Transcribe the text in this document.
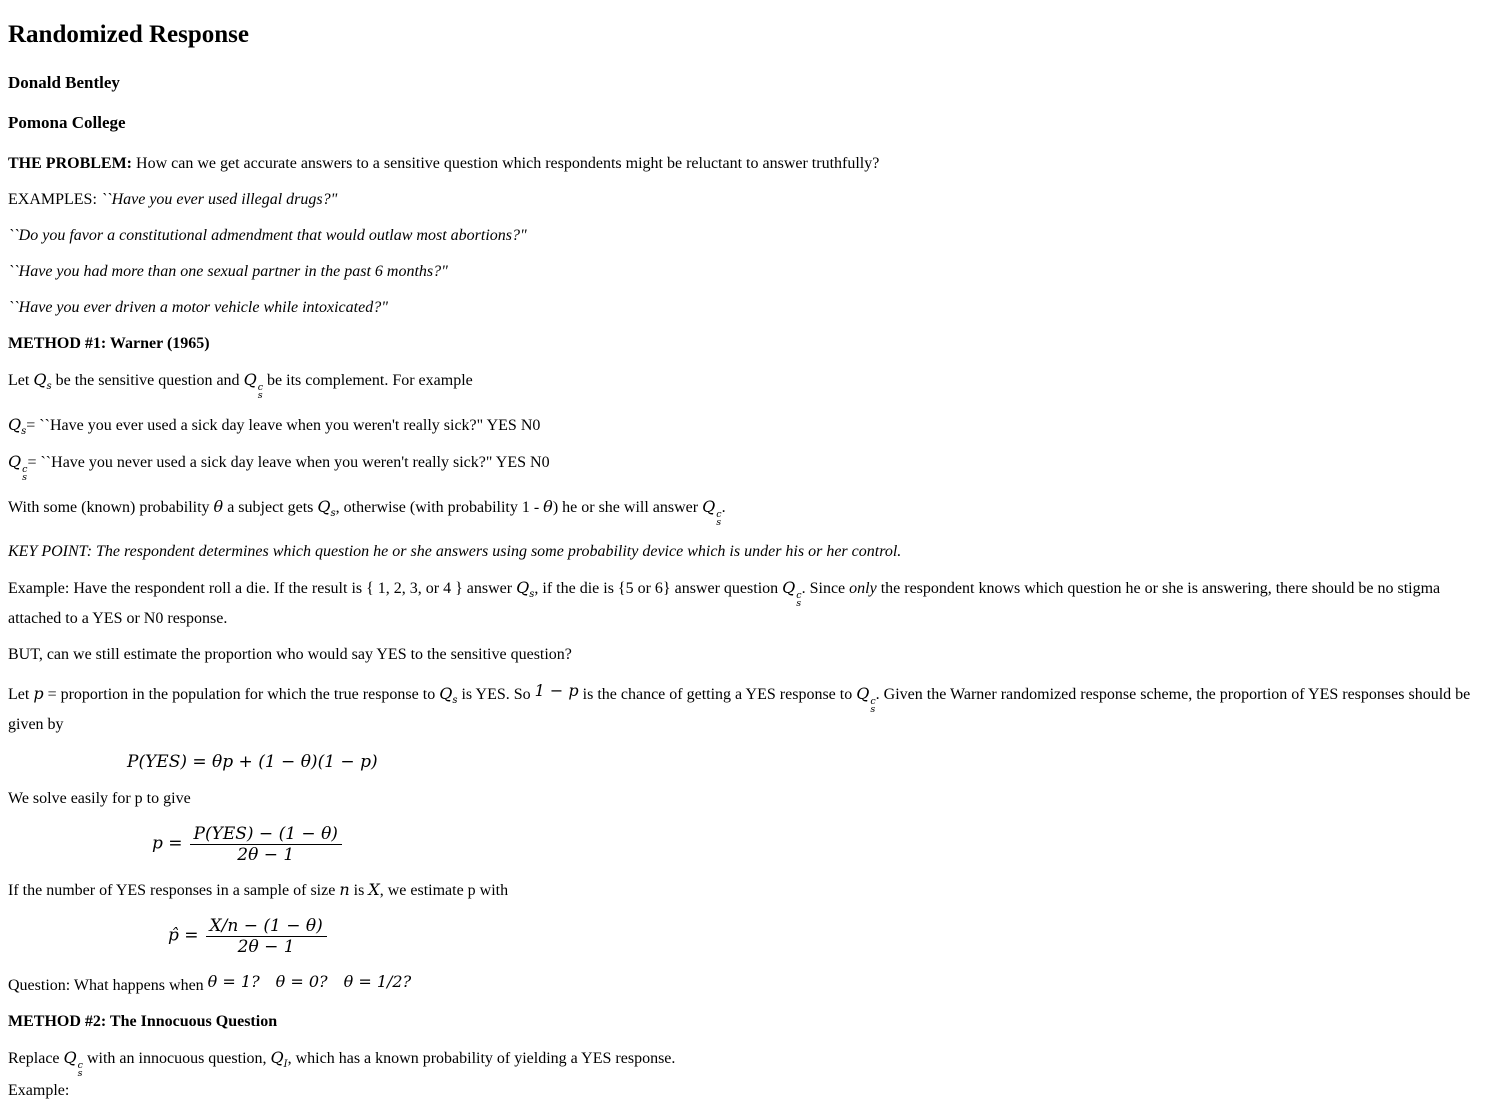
Randomized Response

Donald Bentley

Pomona College

THE PROBLEM: How can we get accurate answers to a sensitive question which respondents might be reluctant to answer truthfully?

EXAMPLES: ``Have you ever used illegal drugs?"

``Do you favor a constitutional admendment that would outlaw most abortions?"

``Have you had more than one sexual partner in the past 6 months?"

``Have you ever driven a motor vehicle while intoxicated?"

METHOD #1: Warner (1965)

Let $Q_s$ be the sensitive question and Q c
s
be its complement. For example

$Q_s=$ ``Have you ever used a sick day leave when you weren't really sick?" YES N0

Q c
s
= ``Have you never used a sick day leave when you weren't really sick?" YES N0

With some (known) probability θ a subject gets $Q_s$, otherwise (with probability 1 - θ) he or she will answer Q c
s
.

KEY POINT: The respondent determines which question he or she answers using some probability device which is under his or her control.

Example: Have the respondent roll a die. If the result is { 1, 2, 3, or 4 } answer $Q_s$, if the die is {5 or 6} answer question Q c
s
. Since only the respondent knows which question he or she is answering, there should be no stigma attached to a YES or N0 response.

BUT, can we still estimate the proportion who would say YES to the sensitive question?

Let p = proportion in the population for which the true response to $Q_s$ is YES. So 1 − p is the chance of getting a YES response to Q c
s
. Given the Warner randomized response scheme, the proportion of YES responses should be given by

P(YES) = θp + (1 − θ)(1 − p)

We solve easily for p to give

$p = \frac{\text{P(YES) − (1 − θ)}}{2\theta - 1}$

If the number of YES responses in a sample of size n is X, we estimate p with

p̂ = $\frac{X/n - (1 - \theta)}{2\theta - 1}$

Question: What happens when θ = 1?  θ = 0?  θ = 1/2?

METHOD #2: The Innocuous Question

Replace Q c
s
with an innocuous question, $Q_I$, which has a known probability of yielding a YES response.

Example:
